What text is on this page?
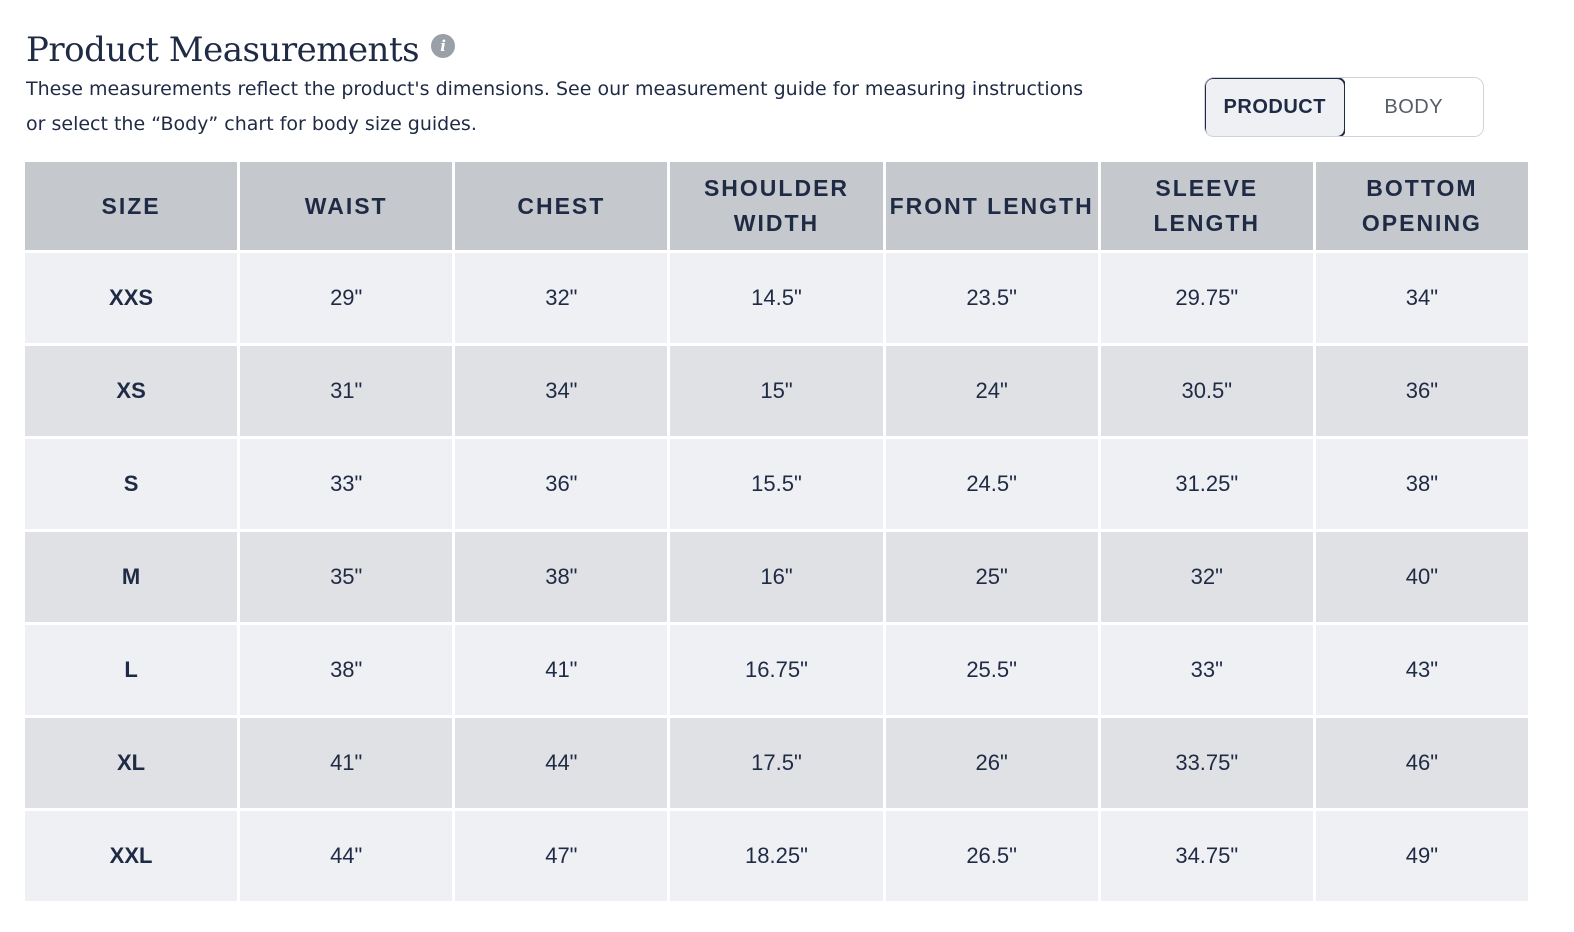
Product Measurements	i
These measurements reflect the product's dimensions. See our measurement guide for measuring instructions or select the “Body” chart for body size guides.
PRODUCT	BODY
SIZE	WAIST	CHEST	SHOULDER WIDTH	FRONT LENGTH	SLEEVE LENGTH	BOTTOM OPENING
XXS	29"	32"	14.5"	23.5"	29.75"	34"
XS	31"	34"	15"	24"	30.5"	36"
S	33"	36"	15.5"	24.5"	31.25"	38"
M	35"	38"	16"	25"	32"	40"
L	38"	41"	16.75"	25.5"	33"	43"
XL	41"	44"	17.5"	26"	33.75"	46"
XXL	44"	47"	18.25"	26.5"	34.75"	49"
